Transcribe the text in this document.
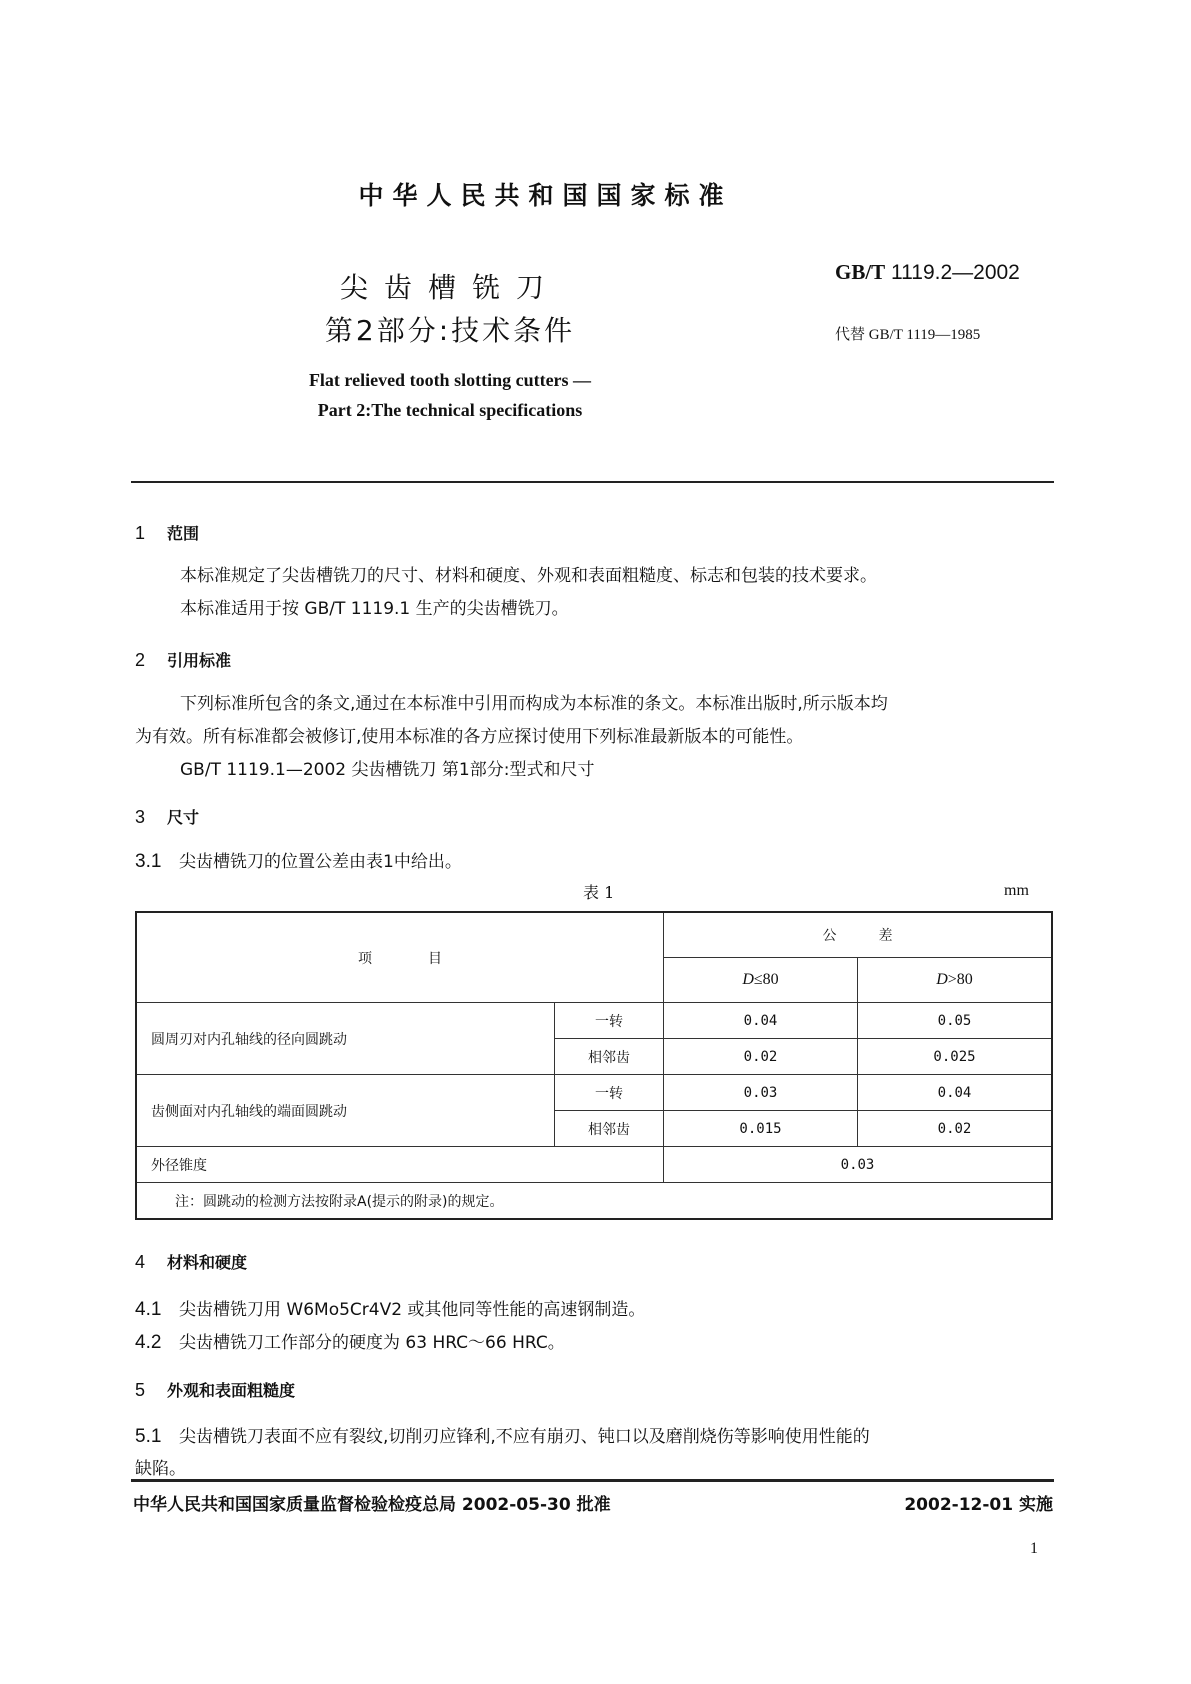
中华人民共和国国家标准
尖齿槽铣刀
第2部分:技术条件
Flat relieved tooth slotting cutters —
Part 2:The technical specifications
GB/T 1119.2—2002
代替 GB/T 1119—1985
1 范围
本标准规定了尖齿槽铣刀的尺寸、材料和硬度、外观和表面粗糙度、标志和包装的技术要求。
本标准适用于按 GB/T 1119.1 生产的尖齿槽铣刀。
2 引用标准
下列标准所包含的条文,通过在本标准中引用而构成为本标准的条文。本标准出版时,所示版本均
为有效。所有标准都会被修订,使用本标准的各方应探讨使用下列标准最新版本的可能性。
GB/T 1119.1—2002 尖齿槽铣刀 第1部分:型式和尺寸
3 尺寸
3.1 尖齿槽铣刀的位置公差由表1中给出。
表 1	mm
项　　　　目		公　　　差	
		D≤80	D>80
圆周刃对内孔轴线的径向圆跳动	一转	0.04	0.05
	相邻齿	0.02	0.025
齿侧面对内孔轴线的端面圆跳动	一转	0.03	0.04
	相邻齿	0.015	0.02
外径锥度		0.03	
注：圆跳动的检测方法按附录A(提示的附录)的规定。			
4 材料和硬度
4.1 尖齿槽铣刀用 W6Mo5Cr4V2 或其他同等性能的高速钢制造。
4.2 尖齿槽铣刀工作部分的硬度为 63 HRC～66 HRC。
5 外观和表面粗糙度
5.1 尖齿槽铣刀表面不应有裂纹,切削刃应锋利,不应有崩刃、钝口以及磨削烧伤等影响使用性能的
缺陷。
中华人民共和国国家质量监督检验检疫总局 2002-05-30 批准	2002-12-01 实施
1
